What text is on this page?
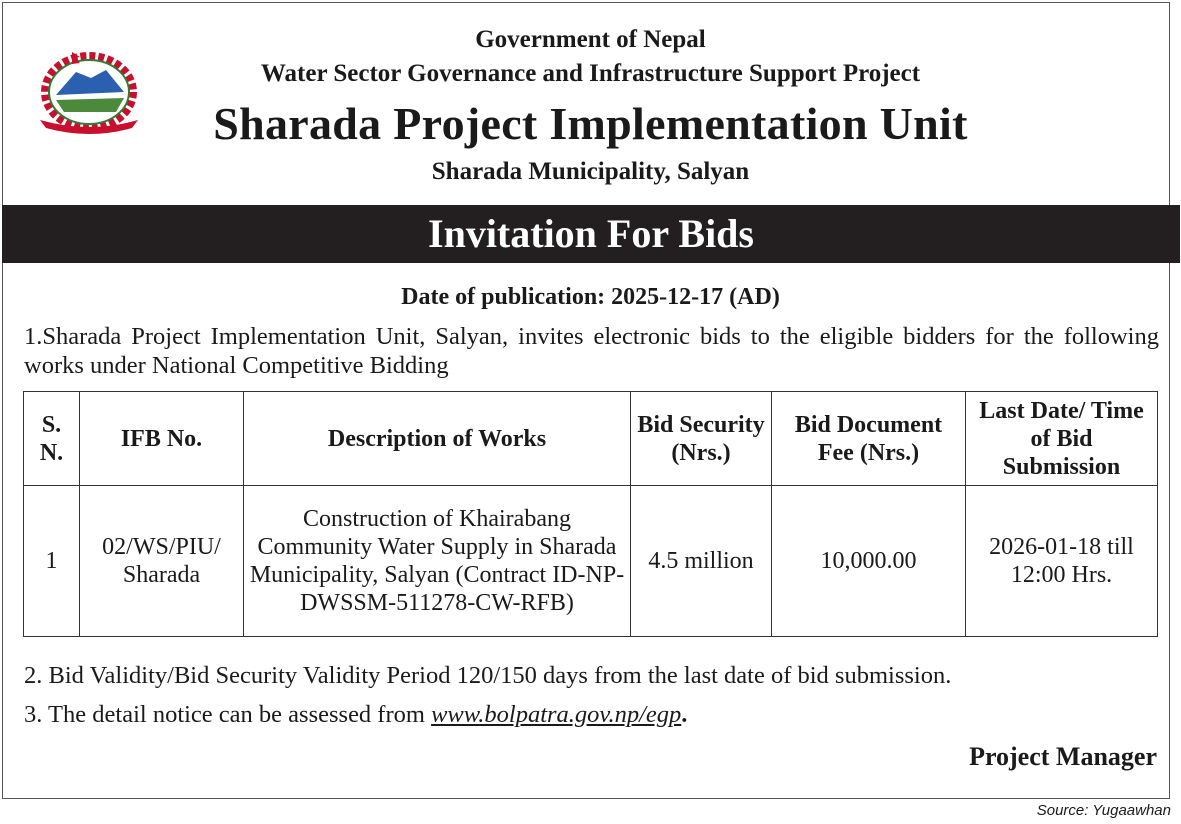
Government of Nepal
Water Sector Governance and Infrastructure Support Project
Sharada Project Implementation Unit
Sharada Municipality, Salyan
Invitation For Bids
Date of publication: 2025-12-17 (AD)
1.Sharada Project Implementation Unit, Salyan, invites electronic bids to the eligible bidders for the following works under National Competitive Bidding
S. N.	IFB No.	Description of Works	Bid Security (Nrs.)	Bid Document Fee (Nrs.)	Last Date/ Time of Bid Submission
1	02/WS/PIU/ Sharada	Construction of Khairabang Community Water Supply in Sharada Municipality, Salyan (Contract ID-NP-DWSSM-511278-CW-RFB)	4.5 million	10,000.00	2026-01-18 till 12:00 Hrs.
2. Bid Validity/Bid Security Validity Period 120/150 days from the last date of bid submission.
3. The detail notice can be assessed from www.bolpatra.gov.np/egp.
Project Manager
Source: Yugaawhan
